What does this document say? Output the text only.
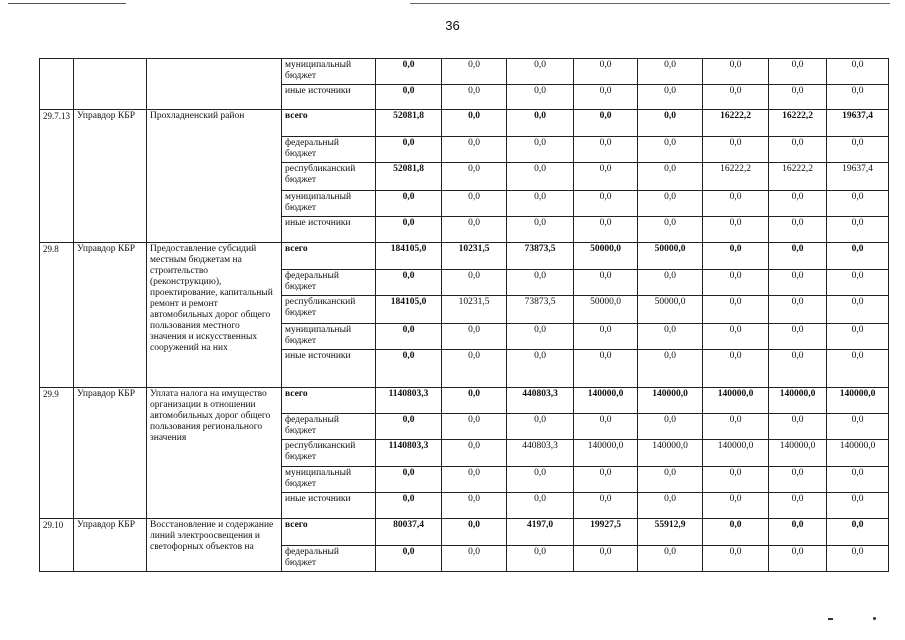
36
			муниципальный бюджет	0,0	0,0	0,0	0,0	0,0	0,0	0,0	0,0
			иные источники	0,0	0,0	0,0	0,0	0,0	0,0	0,0	0,0
29.7.13	Управдор КБР	Прохладненский район	всего	52081,8	0,0	0,0	0,0	0,0	16222,2	16222,2	19637,4
			федеральный бюджет	0,0	0,0	0,0	0,0	0,0	0,0	0,0	0,0
			республиканский бюджет	52081,8	0,0	0,0	0,0	0,0	16222,2	16222,2	19637,4
			муниципальный бюджет	0,0	0,0	0,0	0,0	0,0	0,0	0,0	0,0
			иные источники	0,0	0,0	0,0	0,0	0,0	0,0	0,0	0,0
29.8	Управдор КБР	Предоставление субсидий местным бюджетам на строительство (реконструкцию), проектирование, капитальный ремонт и ремонт автомобильных дорог общего пользования местного значения и искусственных сооружений на них	всего	184105,0	10231,5	73873,5	50000,0	50000,0	0,0	0,0	0,0
			федеральный бюджет	0,0	0,0	0,0	0,0	0,0	0,0	0,0	0,0
			республиканский бюджет	184105,0	10231,5	73873,5	50000,0	50000,0	0,0	0,0	0,0
			муниципальный бюджет	0,0	0,0	0,0	0,0	0,0	0,0	0,0	0,0
			иные источники	0,0	0,0	0,0	0,0	0,0	0,0	0,0	0,0
29.9	Управдор КБР	Уплата налога на имущество организации в отношении автомобильных дорог общего пользования регионального значения	всего	1140803,3	0,0	440803,3	140000,0	140000,0	140000,0	140000,0	140000,0
			федеральный бюджет	0,0	0,0	0,0	0,0	0,0	0,0	0,0	0,0
			республиканский бюджет	1140803,3	0,0	440803,3	140000,0	140000,0	140000,0	140000,0	140000,0
			муниципальный бюджет	0,0	0,0	0,0	0,0	0,0	0,0	0,0	0,0
			иные источники	0,0	0,0	0,0	0,0	0,0	0,0	0,0	0,0
29.10	Управдор КБР	Восстановление и содержание линий электроосвещения и светофорных объектов на	всего	80037,4	0,0	4197,0	19927,5	55912,9	0,0	0,0	0,0
			федеральный бюджет	0,0	0,0	0,0	0,0	0,0	0,0	0,0	0,0
